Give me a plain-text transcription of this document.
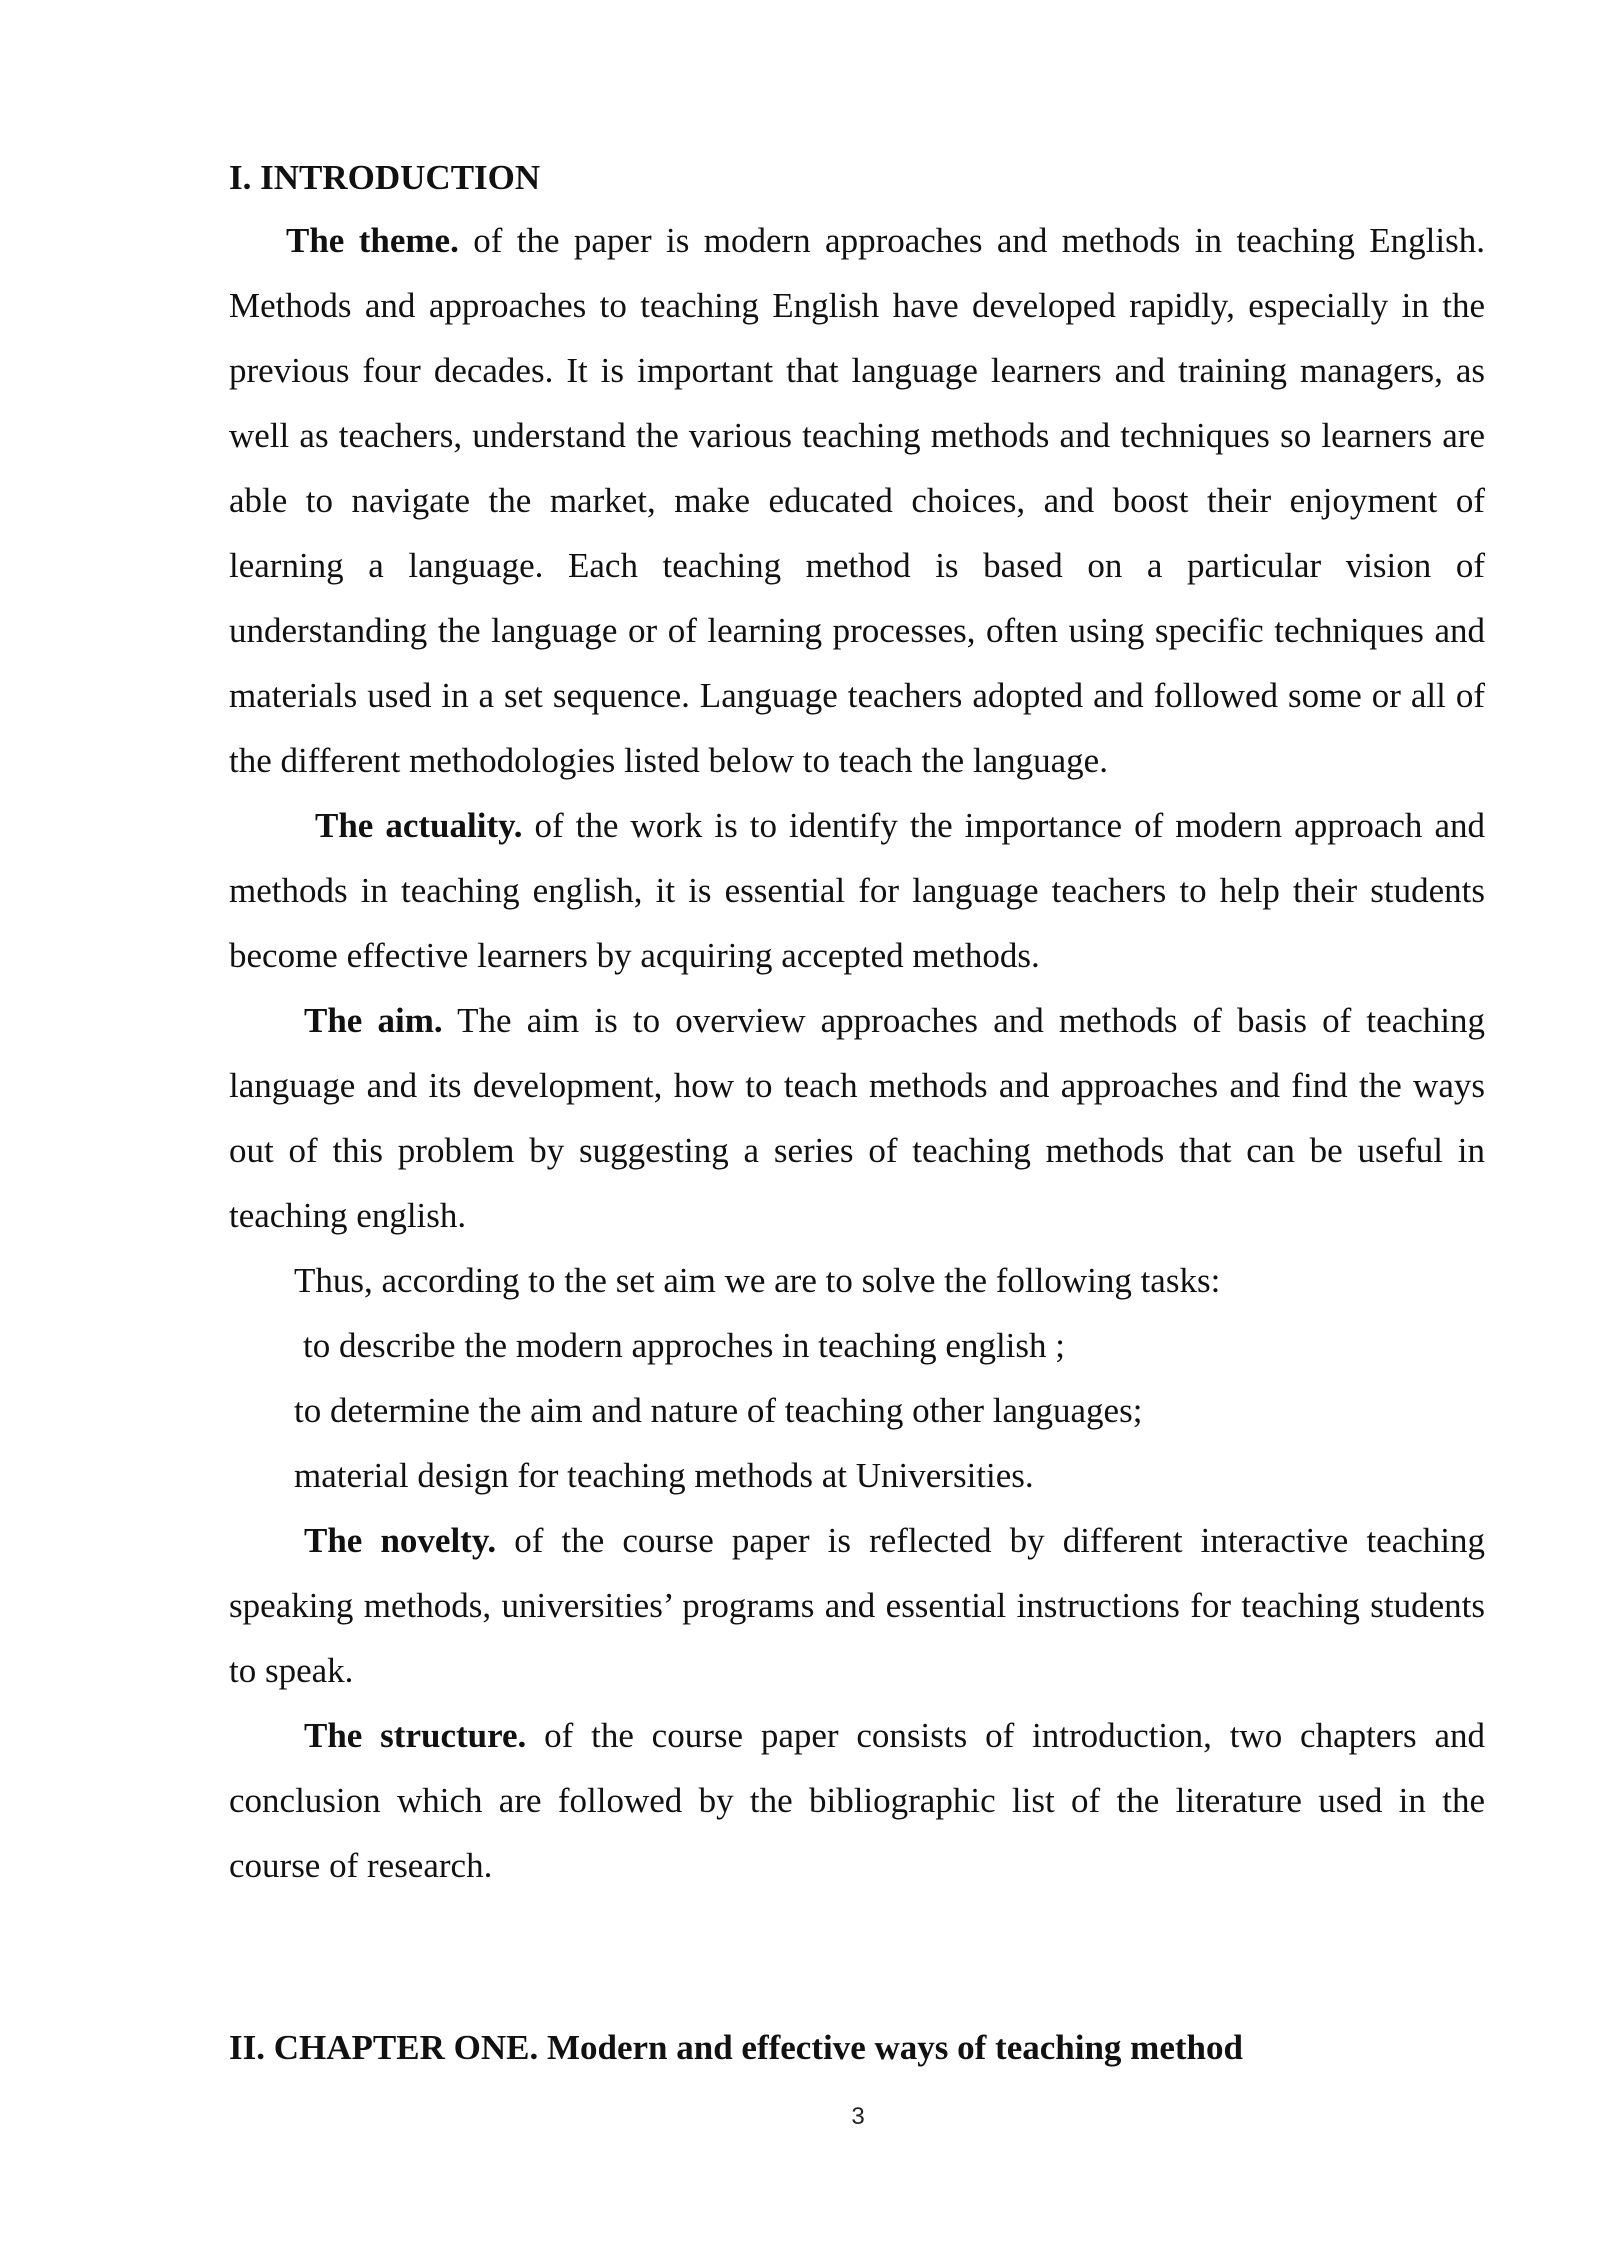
I. INTRODUCTION

The theme. of the paper is modern approaches and methods in teaching English. Methods and approaches to teaching English have developed rapidly, especially in the previous four decades. It is important that language learners and training managers, as well as teachers, understand the various teaching methods and techniques so learners are able to navigate the market, make educated choices, and boost their enjoyment of learning a language. Each teaching method is based on a particular vision of understanding the language or of learning processes, often using specific techniques and materials used in a set sequence. Language teachers adopted and followed some or all of the different methodologies listed below to teach the language.

The actuality. of the work is to identify the importance of modern approach and methods in teaching english, it is essential for language teachers to help their students become effective learners by acquiring accepted methods.

The aim. The aim is to overview approaches and methods of basis of teaching language and its development, how to teach methods and approaches and find the ways out of this problem by suggesting a series of teaching methods that can be useful in teaching english.

Thus, according to the set aim we are to solve the following tasks:

to describe the modern approches in teaching english ;

to determine the aim and nature of teaching other languages;

material design for teaching methods at Universities.

The novelty. of the course paper is reflected by different interactive teaching speaking methods, universities’ programs and essential instructions for teaching students to speak.

The structure. of the course paper consists of introduction, two chapters and conclusion which are followed by the bibliographic list of the literature used in the course of research.

II. CHAPTER ONE. Modern and effective ways of teaching method
3
